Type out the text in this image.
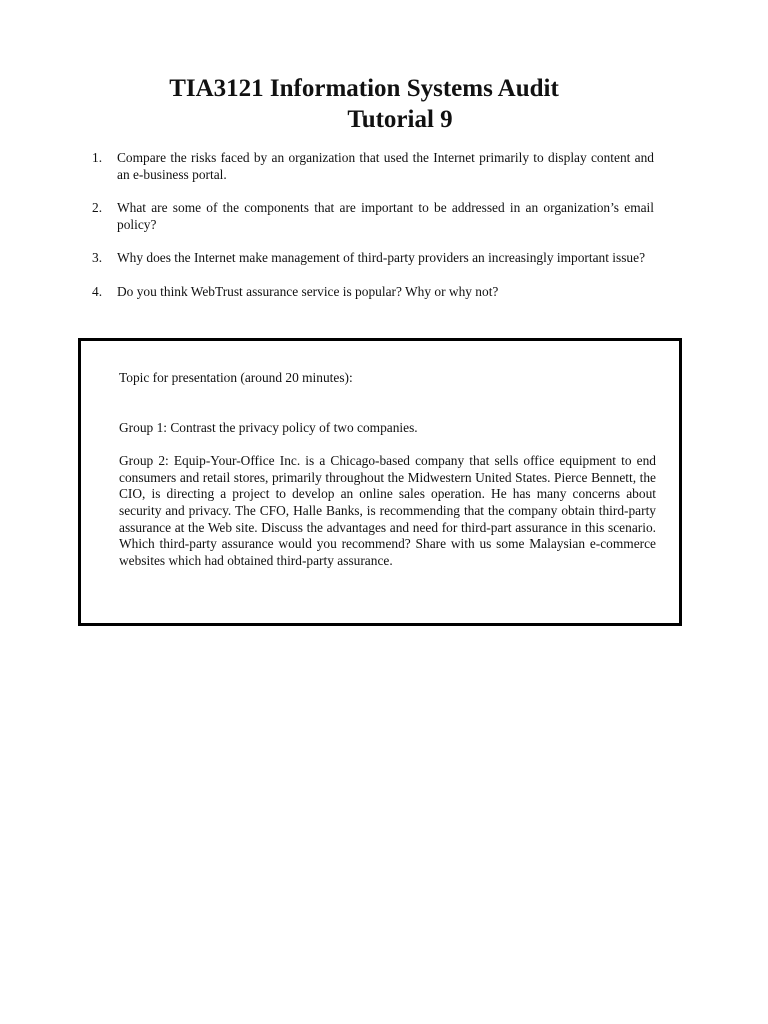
TIA3121 Information Systems Audit
Tutorial 9
1. Compare the risks faced by an organization that used the Internet primarily to display content and an e-business portal.
2. What are some of the components that are important to be addressed in an organization’s email policy?
3. Why does the Internet make management of third-party providers an increasingly important issue?
4. Do you think WebTrust assurance service is popular? Why or why not?

Topic for presentation (around 20 minutes):

Group 1: Contrast the privacy policy of two companies.

Group 2: Equip-Your-Office Inc. is a Chicago-based company that sells office equipment to end consumers and retail stores, primarily throughout the Midwestern United States. Pierce Bennett, the CIO, is directing a project to develop an online sales operation. He has many concerns about security and privacy. The CFO, Halle Banks, is recommending that the company obtain third-party assurance at the Web site. Discuss the advantages and need for third-part assurance in this scenario. Which third-party assurance would you recommend? Share with us some Malaysian e-commerce websites which had obtained third-party assurance.
